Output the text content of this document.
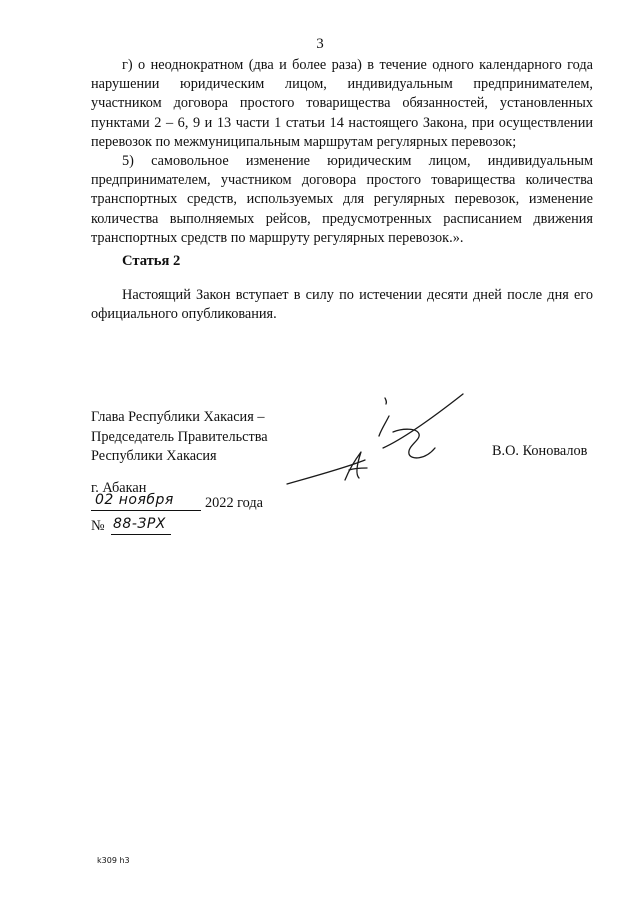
3

г) о неоднократном (два и более раза) в течение одного календарного года нарушении юридическим лицом, индивидуальным предпринимателем, участником договора простого товарищества обязанностей, установленных пунктами 2 – 6, 9 и 13 части 1 статьи 14 настоящего Закона, при осуществлении перевозок по межмуниципальным маршрутам регулярных перевозок;

5) самовольное изменение юридическим лицом, индивидуальным предпринимателем, участником договора простого товарищества количества транспортных средств, используемых для регулярных перевозок, изменение количества выполняемых рейсов, предусмотренных расписанием движения транспортных средств по маршруту регулярных перевозок.».

Статья 2

Настоящий Закон вступает в силу по истечении десяти дней после дня его официального опубликования.

Глава Республики Хакасия –
Председатель Правительства
Республики Хакасия	В.О. Коновалов
г. Абакан
02 ноября 2022 года
№ 88-ЗРХ
k309 h3
